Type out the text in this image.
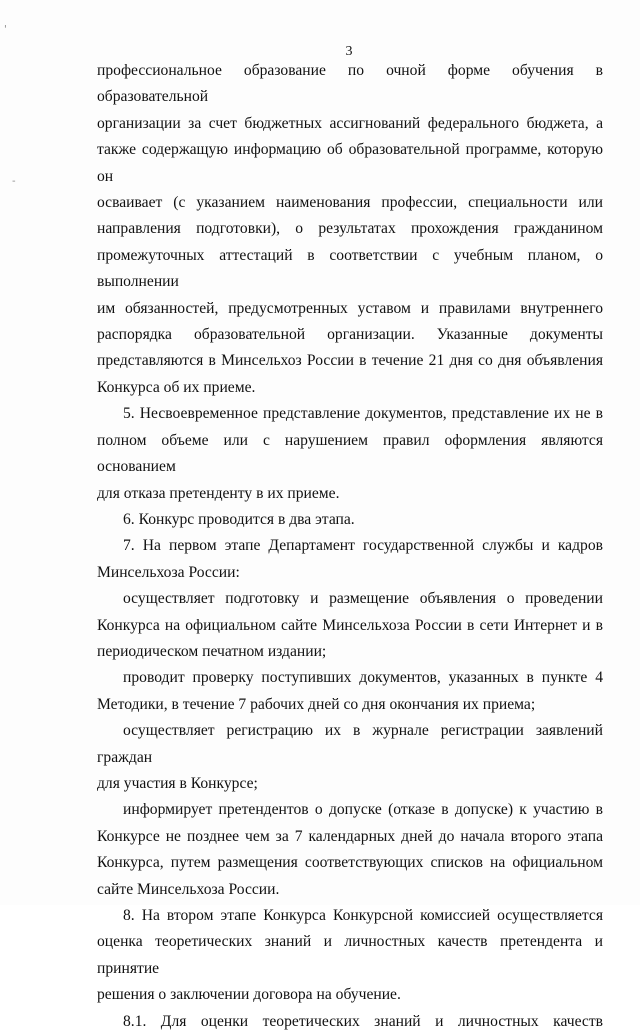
3
'
-

профессиональное образование по очной форме обучения в образовательной

организации за счет бюджетных ассигнований федерального бюджета, а

также содержащую информацию об образовательной программе, которую он

осваивает (с указанием наименования профессии, специальности или

направления подготовки), о результатах прохождения гражданином

промежуточных аттестаций в соответствии с учебным планом, о выполнении

им обязанностей, предусмотренных уставом и правилами внутреннего

распорядка образовательной организации. Указанные документы

представляются в Минсельхоз России в течение 21 дня со дня объявления

Конкурса об их приеме.

5. Несвоевременное представление документов, представление их не в

полном объеме или с нарушением правил оформления являются основанием

для отказа претенденту в их приеме.

6. Конкурс проводится в два этапа.

7. На первом этапе Департамент государственной службы и кадров

Минсельхоза России:

осуществляет подготовку и размещение объявления о проведении

Конкурса на официальном сайте Минсельхоза России в сети Интернет и в

периодическом печатном издании;

проводит проверку поступивших документов, указанных в пункте 4

Методики, в течение 7 рабочих дней со дня окончания их приема;

осуществляет регистрацию их в журнале регистрации заявлений граждан

для участия в Конкурсе;

информирует претендентов о допуске (отказе в допуске) к участию в

Конкурсе не позднее чем за 7 календарных дней до начала второго этапа

Конкурса, путем размещения соответствующих списков на официальном

сайте Минсельхоза России.

8. На втором этапе Конкурса Конкурсной комиссией осуществляется

оценка теоретических знаний и личностных качеств претендента и принятие

решения о заключении договора на обучение.

8.1. Для оценки теоретических знаний и личностных качеств
